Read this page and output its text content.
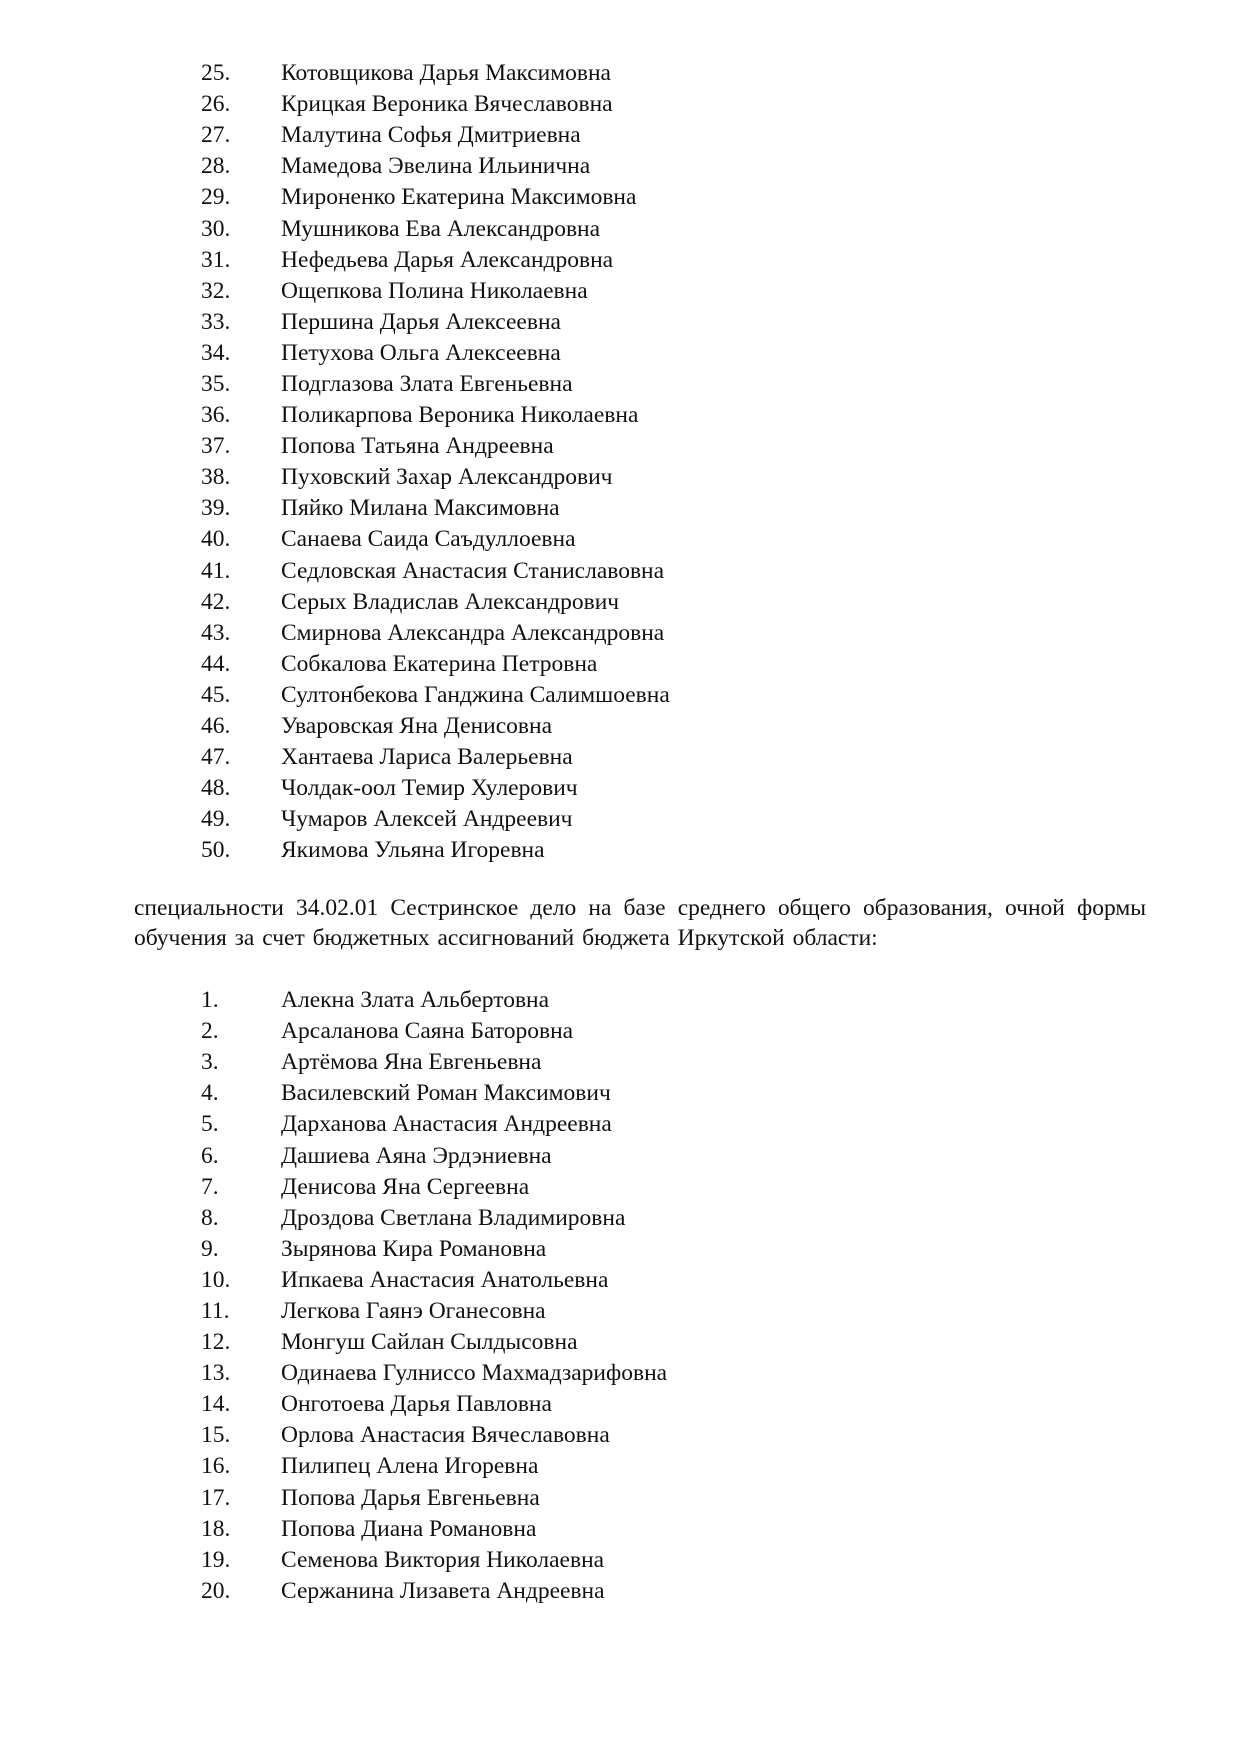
25.	Котовщикова Дарья Максимовна
26.	Крицкая Вероника Вячеславовна
27.	Малутина Софья Дмитриевна
28.	Мамедова Эвелина Ильинична
29.	Мироненко Екатерина Максимовна
30.	Мушникова Ева Александровна
31.	Нефедьева Дарья Александровна
32.	Ощепкова Полина Николаевна
33.	Першина Дарья Алексеевна
34.	Петухова Ольга Алексеевна
35.	Подглазова Злата Евгеньевна
36.	Поликарпова Вероника Николаевна
37.	Попова Татьяна Андреевна
38.	Пуховский Захар Александрович
39.	Пяйко Милана Максимовна
40.	Санаева Саида Саъдуллоевна
41.	Седловская Анастасия Станиславовна
42.	Серых Владислав Александрович
43.	Смирнова Александра Александровна
44.	Собкалова Екатерина Петровна
45.	Султонбекова Ганджина Салимшоевна
46.	Уваровская Яна Денисовна
47.	Хантаева Лариса Валерьевна
48.	Чолдак-оол Темир Хулерович
49.	Чумаров Алексей Андреевич
50.	Якимова Ульяна Игоревна

специальности 34.02.01 Сестринское дело на базе среднего общего образования, очной формы обучения за счет бюджетных ассигнований бюджета Иркутской области:

1.	Алекна Злата Альбертовна
2.	Арсаланова Саяна Баторовна
3.	Артёмова Яна Евгеньевна
4.	Василевский Роман Максимович
5.	Дарханова Анастасия Андреевна
6.	Дашиева Аяна Эрдэниевна
7.	Денисова Яна Сергеевна
8.	Дроздова Светлана Владимировна
9.	Зырянова Кира Романовна
10.	Ипкаева Анастасия Анатольевна
11.	Легкова Гаянэ Оганесовна
12.	Монгуш Сайлан Сылдысовна
13.	Одинаева Гулниссо Махмадзарифовна
14.	Онготоева Дарья Павловна
15.	Орлова Анастасия Вячеславовна
16.	Пилипец Алена Игоревна
17.	Попова Дарья Евгеньевна
18.	Попова Диана Романовна
19.	Семенова Виктория Николаевна
20.	Сержанина Лизавета Андреевна
